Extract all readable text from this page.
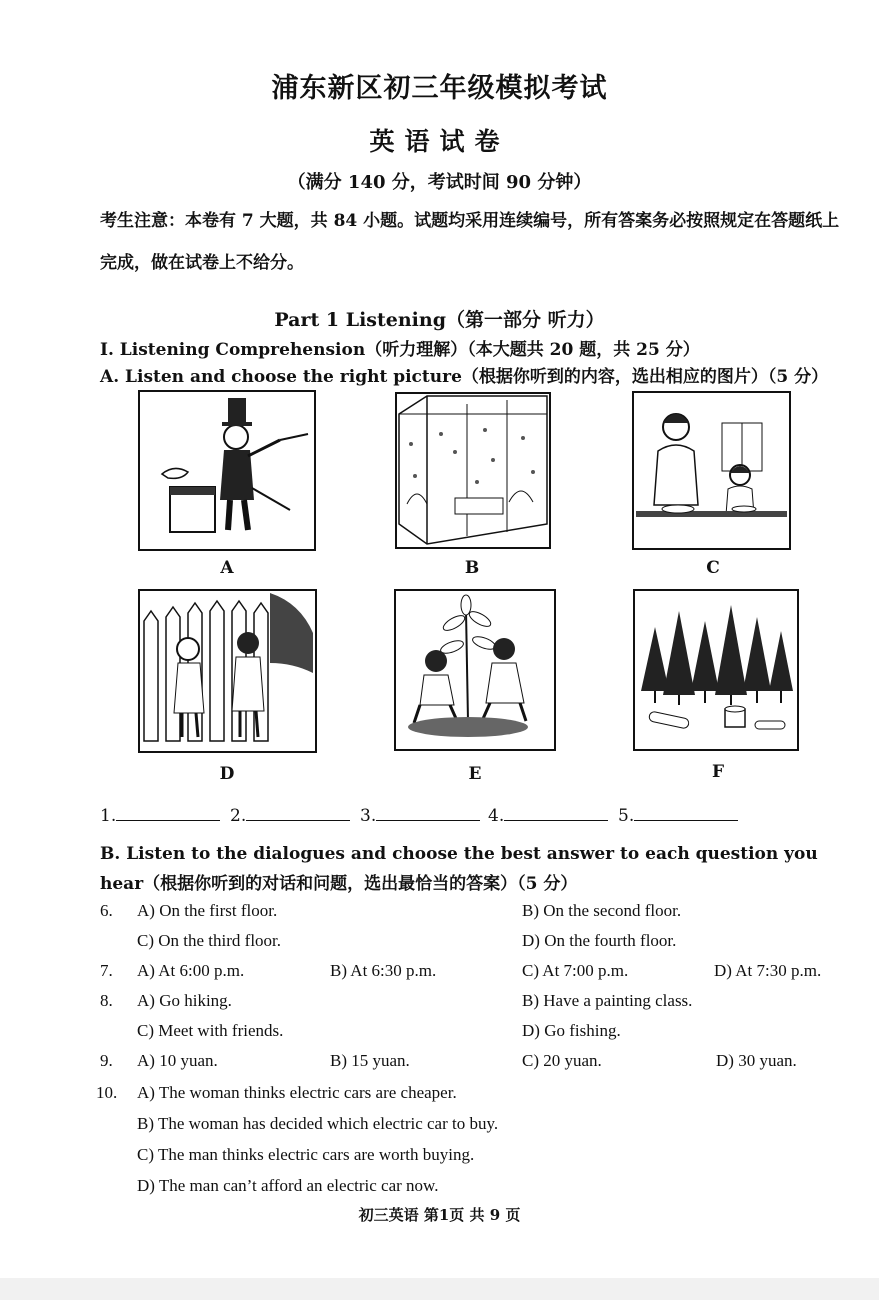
浦东新区初三年级模拟考试
英语试卷
（满分 140 分，考试时间 90 分钟）
考生注意：本卷有 7 大题，共 84 小题。试题均采用连续编号，所有答案务必按照规定在答题纸上完成，做在试卷上不给分。
Part 1 Listening（第一部分 听力）
I. Listening Comprehension（听力理解）（本大题共 20 题，共 25 分）
A. Listen and choose the right picture（根据你听到的内容，选出相应的图片）（5 分）
A	B	C
D	E	F
1.	2.	3.	4.	5.
B. Listen to the dialogues and choose the best answer to each question you hear（根据你听到的对话和问题，选出最恰当的答案）（5 分）
6. A) On the first floor.	B) On the second floor.
C) On the third floor.	D) On the fourth floor.
7. A) At 6:00 p.m.	B) At 6:30 p.m.	C) At 7:00 p.m.	D) At 7:30 p.m.
8. A) Go hiking.	B) Have a painting class.
C) Meet with friends.	D) Go fishing.
9. A) 10 yuan.	B) 15 yuan.	C) 20 yuan.	D) 30 yuan.
10. A) The woman thinks electric cars are cheaper.
B) The woman has decided which electric car to buy.
C) The man thinks electric cars are worth buying.
D) The man can’t afford an electric car now.
初三英语 第1页 共 9 页
